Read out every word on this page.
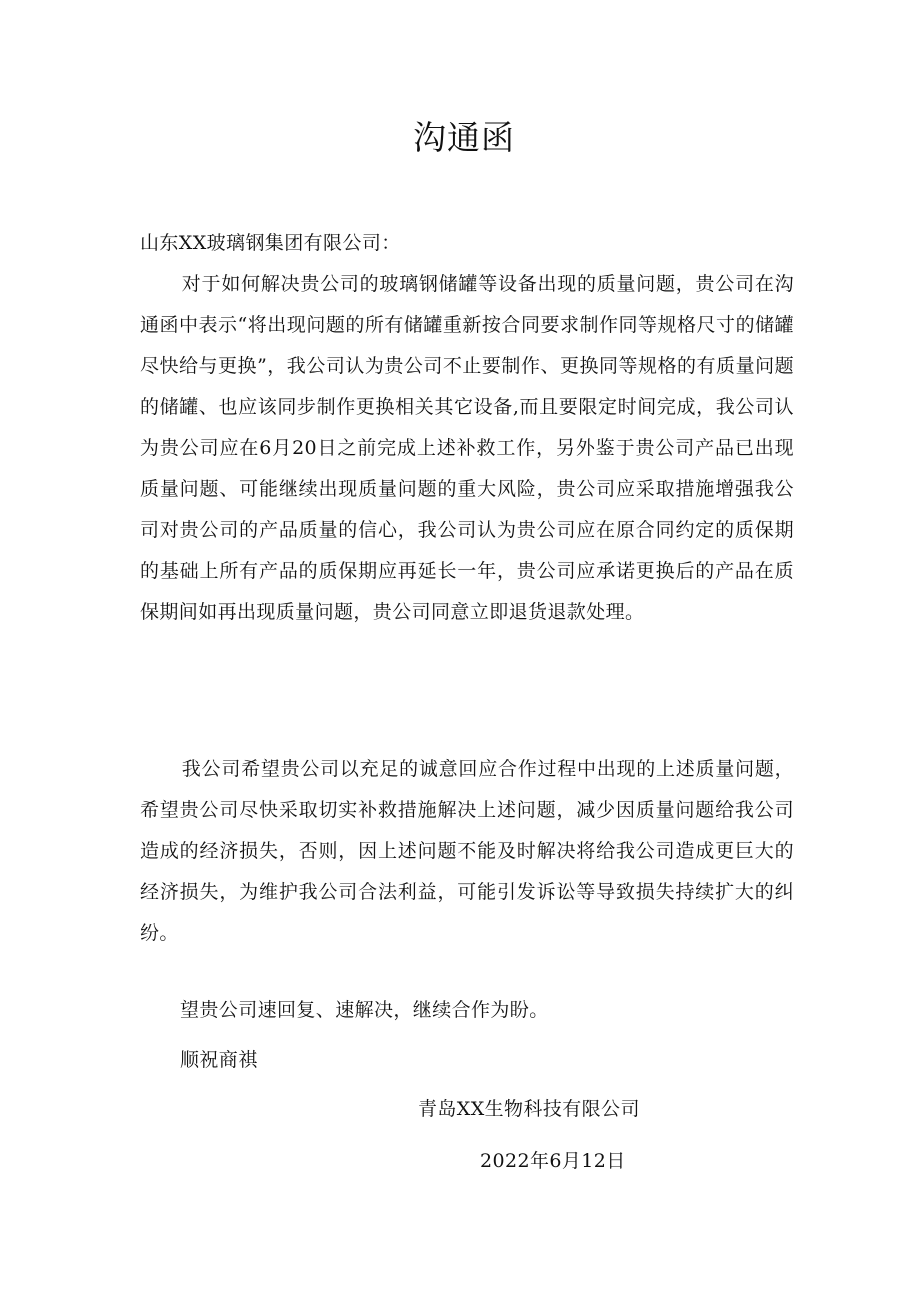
沟通函

山东XX玻璃钢集团有限公司：

对于如何解决贵公司的玻璃钢储罐等设备出现的质量问题，贵公司在沟通函中表示“将出现问题的所有储罐重新按合同要求制作同等规格尺寸的储罐尽快给与更换”，我公司认为贵公司不止要制作、更换同等规格的有质量问题的储罐、也应该同步制作更换相关其它设备,而且要限定时间完成，我公司认为贵公司应在6月20日之前完成上述补救工作，另外鉴于贵公司产品已出现质量问题、可能继续出现质量问题的重大风险，贵公司应采取措施增强我公司对贵公司的产品质量的信心，我公司认为贵公司应在原合同约定的质保期的基础上所有产品的质保期应再延长一年，贵公司应承诺更换后的产品在质保期间如再出现质量问题，贵公司同意立即退货退款处理。

我公司希望贵公司以充足的诚意回应合作过程中出现的上述质量问题，希望贵公司尽快采取切实补救措施解决上述问题，减少因质量问题给我公司造成的经济损失，否则，因上述问题不能及时解决将给我公司造成更巨大的经济损失，为维护我公司合法利益，可能引发诉讼等导致损失持续扩大的纠纷。

望贵公司速回复、速解决，继续合作为盼。

顺祝商祺

青岛XX生物科技有限公司

2022年6月12日
